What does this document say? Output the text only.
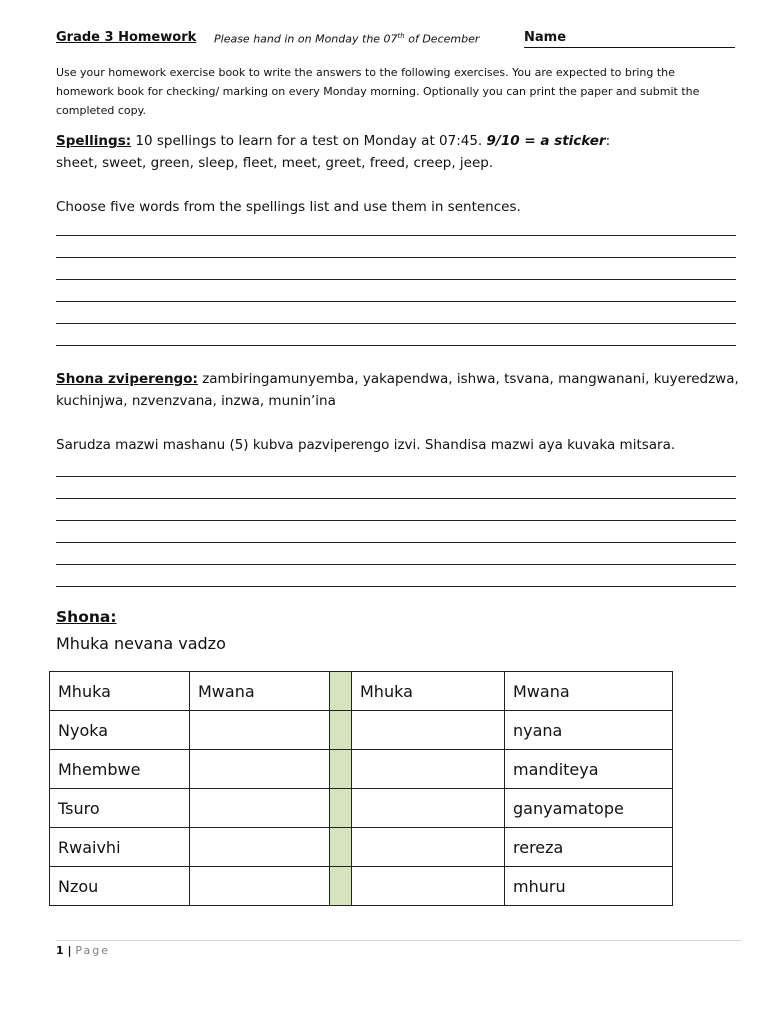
Grade 3 Homework Please hand in on Monday the 07th of December	Name
Use your homework exercise book to write the answers to the following exercises. You are expected to bring the homework book for checking/ marking on every Monday morning. Optionally you can print the paper and submit the completed copy.
Spellings: 10 spellings to learn for a test on Monday at 07:45. 9/10 = a sticker:
sheet, sweet, green, sleep, fleet, meet, greet, freed, creep, jeep.
Choose five words from the spellings list and use them in sentences.
Shona zviperengo: zambiringamunyemba, yakapendwa, ishwa, tsvana, mangwanani, kuyeredzwa, kuchinjwa, nzvenzvana, inzwa, munin’ina
Sarudza mazwi mashanu (5) kubva pazviperengo izvi. Shandisa mazwi aya kuvaka mitsara.
Shona:
Mhuka nevana vadzo
Mhuka	Mwana		Mhuka	Mwana
Nyoka				nyana
Mhembwe				manditeya
Tsuro				ganyamatope
Rwaivhi				rereza
Nzou				mhuru
1 | Page
